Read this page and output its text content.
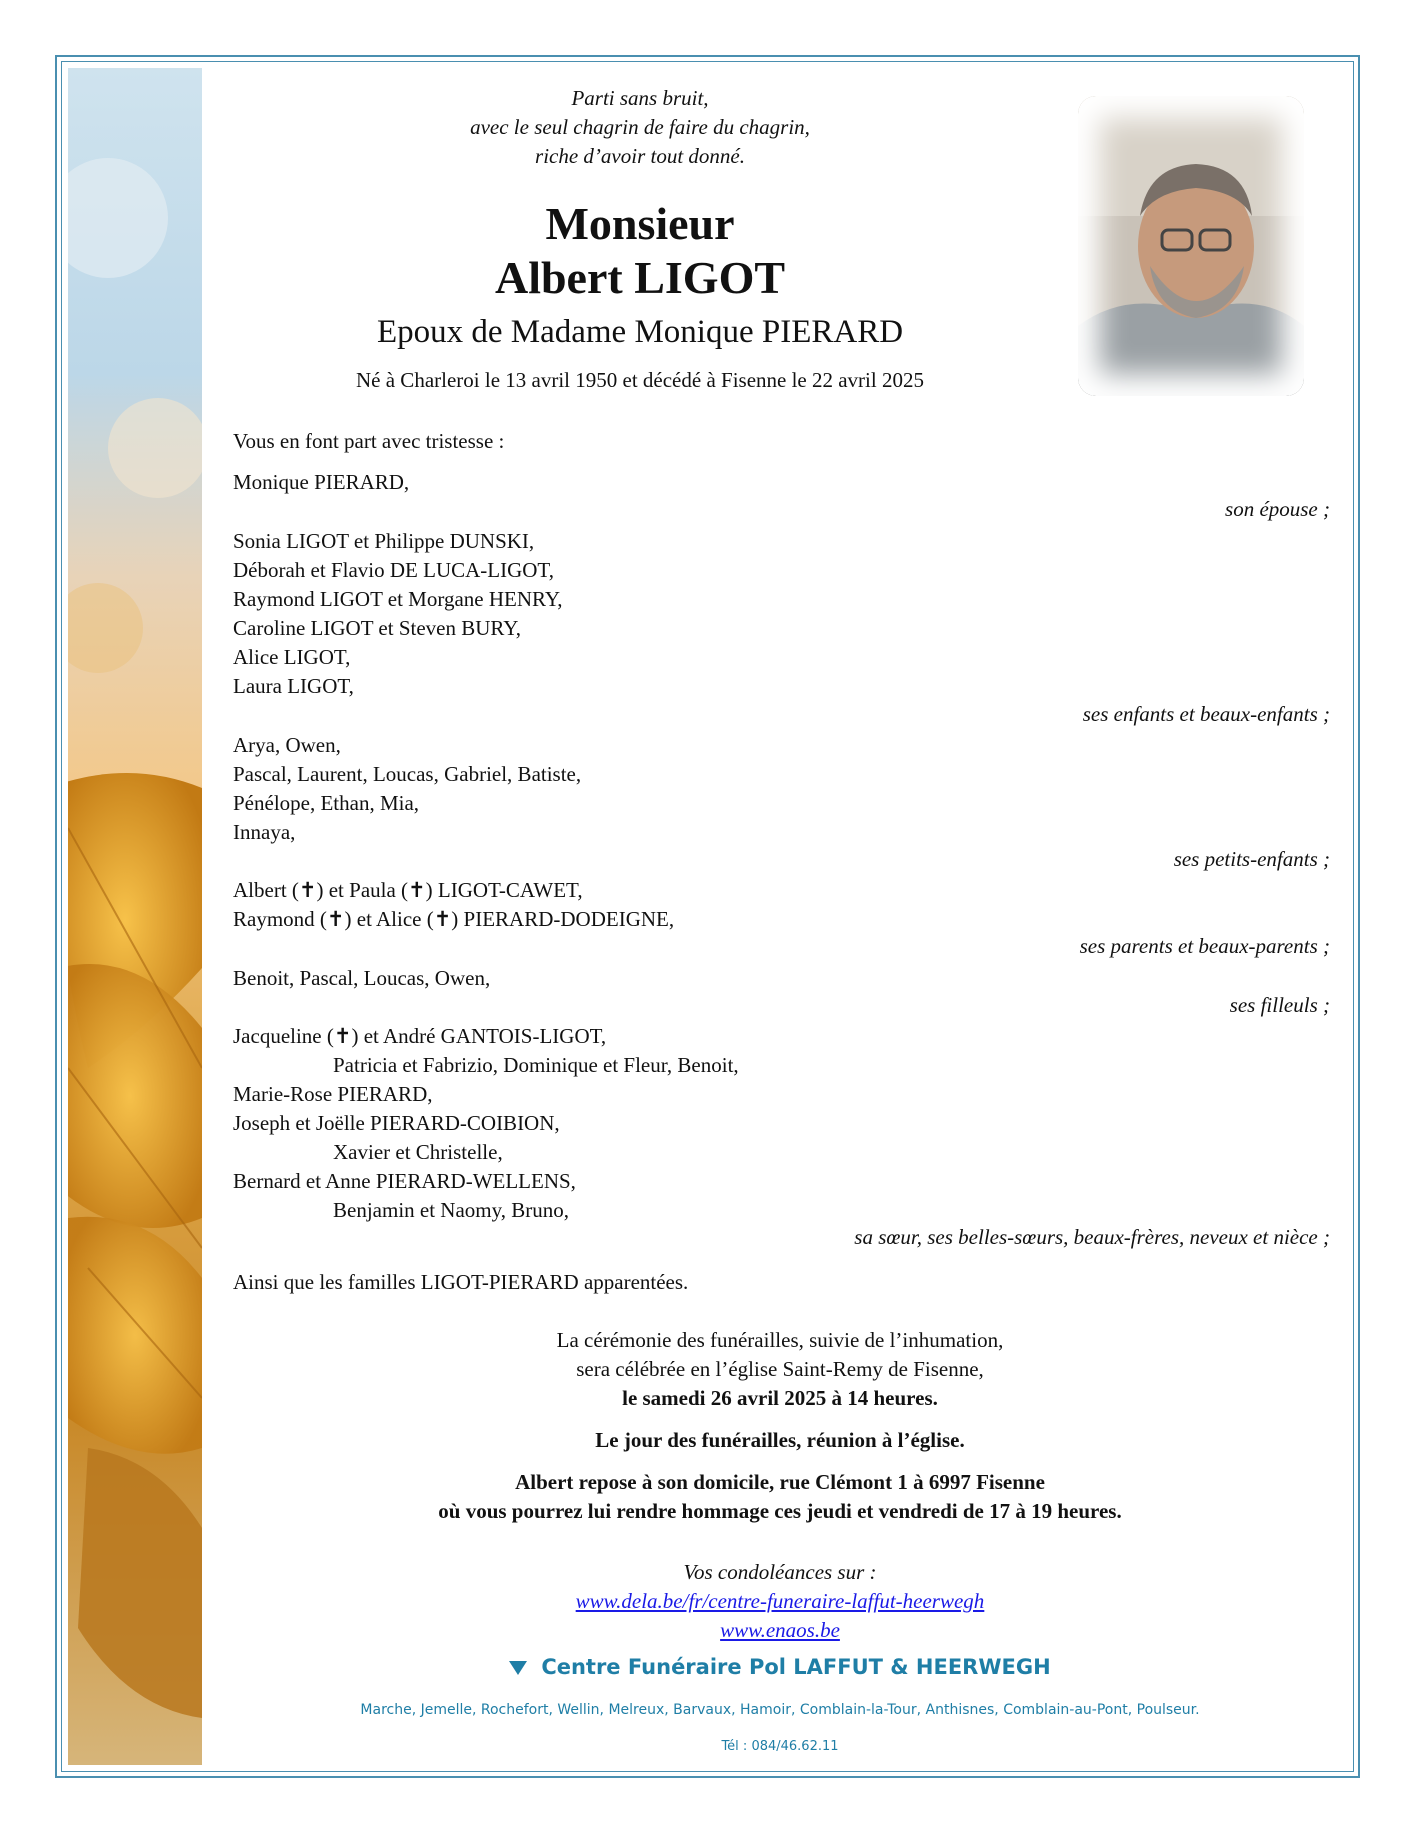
Parti sans bruit,
avec le seul chagrin de faire du chagrin,
riche d’avoir tout donné.
Monsieur
Albert LIGOT
Epoux de Madame Monique PIERARD
Né à Charleroi le 13 avril 1950 et décédé à Fisenne le 22 avril 2025
Vous en font part avec tristesse :
Monique PIERARD,
son épouse ;
Sonia LIGOT et Philippe DUNSKI,
Déborah et Flavio DE LUCA-LIGOT,
Raymond LIGOT et Morgane HENRY,
Caroline LIGOT et Steven BURY,
Alice LIGOT,
Laura LIGOT,
ses enfants et beaux-enfants ;
Arya, Owen,
Pascal, Laurent, Loucas, Gabriel, Batiste,
Pénélope, Ethan, Mia,
Innaya,
ses petits-enfants ;
Albert (✝) et Paula (✝) LIGOT-CAWET,
Raymond (✝) et Alice (✝) PIERARD-DODEIGNE,
ses parents et beaux-parents ;
Benoit, Pascal, Loucas, Owen,
ses filleuls ;
Jacqueline (✝) et André GANTOIS-LIGOT,
Patricia et Fabrizio, Dominique et Fleur, Benoit,
Marie-Rose PIERARD,
Joseph et Joëlle PIERARD-COIBION,
Xavier et Christelle,
Bernard et Anne PIERARD-WELLENS,
Benjamin et Naomy, Bruno,
sa sœur, ses belles-sœurs, beaux-frères, neveux et nièce ;
Ainsi que les familles LIGOT-PIERARD apparentées.
La cérémonie des funérailles, suivie de l’inhumation,
sera célébrée en l’église Saint-Remy de Fisenne,
le samedi 26 avril 2025 à 14 heures.
Le jour des funérailles, réunion à l’église.
Albert repose à son domicile, rue Clémont 1 à 6997 Fisenne
où vous pourrez lui rendre hommage ces jeudi et vendredi de 17 à 19 heures.
Vos condoléances sur :
www.dela.be/fr/centre-funeraire-laffut-heerwegh
www.enaos.be
Centre Funéraire Pol LAFFUT & HEERWEGH
Marche, Jemelle, Rochefort, Wellin, Melreux, Barvaux, Hamoir, Comblain-la-Tour, Anthisnes, Comblain-au-Pont, Poulseur.
Tél : 084/46.62.11
